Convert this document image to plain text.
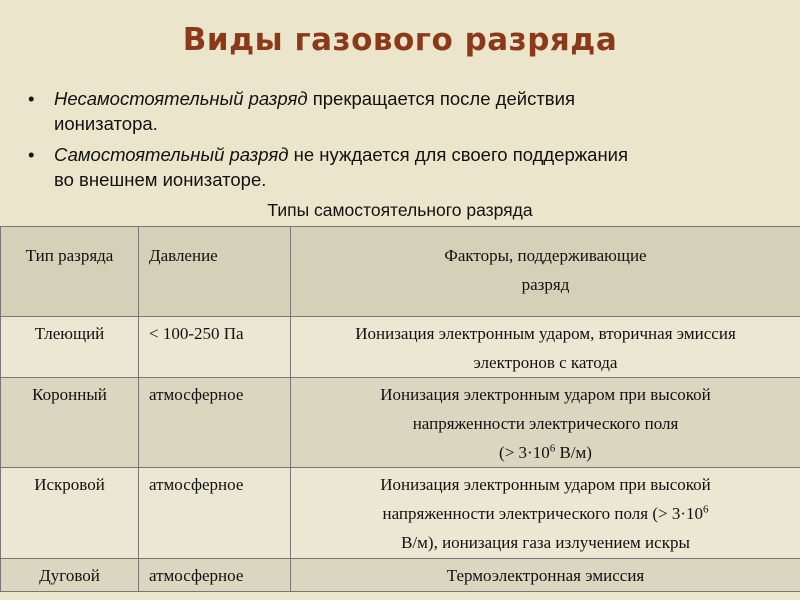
Виды газового разряда
• Несамостоятельный разряд прекращается после действия
ионизатора.
• Самостоятельный разряд не нуждается для своего поддержания
во внешнем ионизаторе.
Типы самостоятельного разряда
Тип разряда	Давление	Факторы, поддерживающие
разряд

Тлеющий	< 100-250 Па	Ионизация электронным ударом, вторичная эмиссия
электронов с катода

Коронный	атмосферное	Ионизация электронным ударом при высокой
напряженности электрического поля
(> $3\cdot 10^6$ В/м)

Искровой	атмосферное	Ионизация электронным ударом при высокой
напряженности электрического поля (> $3\cdot 10^6$
В/м), ионизация газа излучением искры

Дуговой	атмосферное	Термоэлектронная эмиссия
